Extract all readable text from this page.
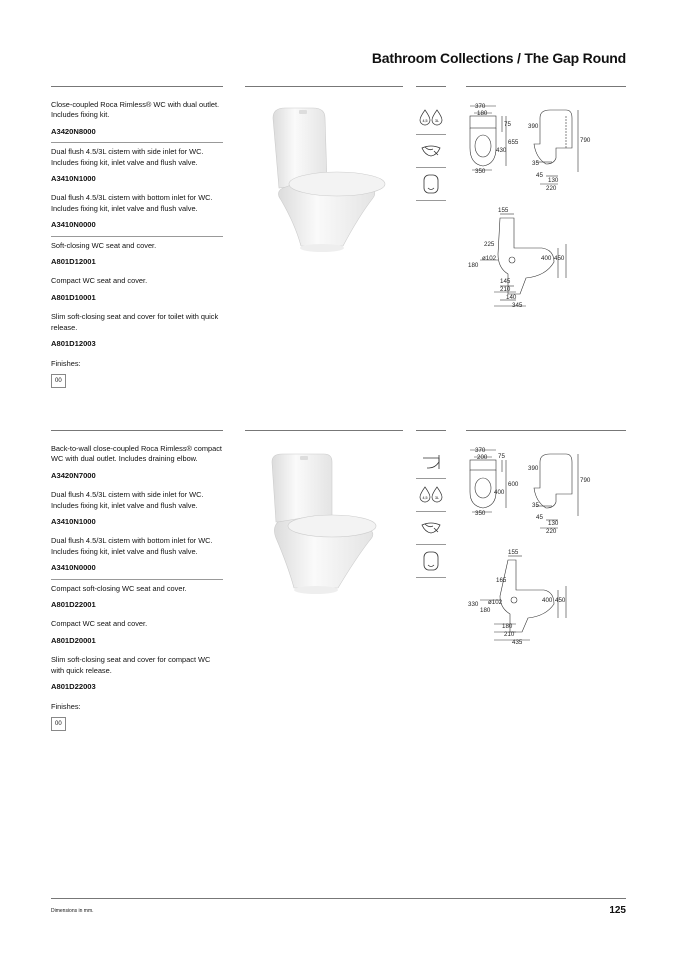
Bathroom Collections / The Gap Round
Close-coupled Roca Rimless® WC with dual outlet. Includes fixing kit.
A3420N8000
Dual flush 4.5/3L cistern with side inlet for WC. Includes fixing kit, inlet valve and flush valve.
A3410N1000
Dual flush 4.5/3L cistern with bottom inlet for WC. Includes fixing kit, inlet valve and flush valve.
A3410N0000
Soft-closing WC seat and cover.
A801D12001
Compact WC seat and cover.
A801D10001
Slim soft-closing seat and cover for toilet with quick release.
A801D12003
Finishes:
00
Back-to-wall close-coupled Roca Rimless® compact WC with dual outlet. Includes draining elbow.
A3420N7000
Dual flush 4.5/3L cistern with side inlet for WC. Includes fixing kit, inlet valve and flush valve.
A3410N1000
Dual flush 4.5/3L cistern with bottom inlet for WC. Includes fixing kit, inlet valve and flush valve.
A3410N0000
Compact soft-closing WC seat and cover.
A801D22001
Compact WC seat and cover.
A801D20001
Slim soft-closing seat and cover for compact WC with quick release.
A801D22003
Finishes:
00
4,5 3L
4,5 3L
370
180
75
655
430
350
390
790
35
45
130
220
155
225
180
ø102	400 450
145
210
140
345
370
200 75
600
400
350
390
790
35
45
130
220
155
165
330
180
ø102	400 450
180
210
435
Dimensions in mm.	125
